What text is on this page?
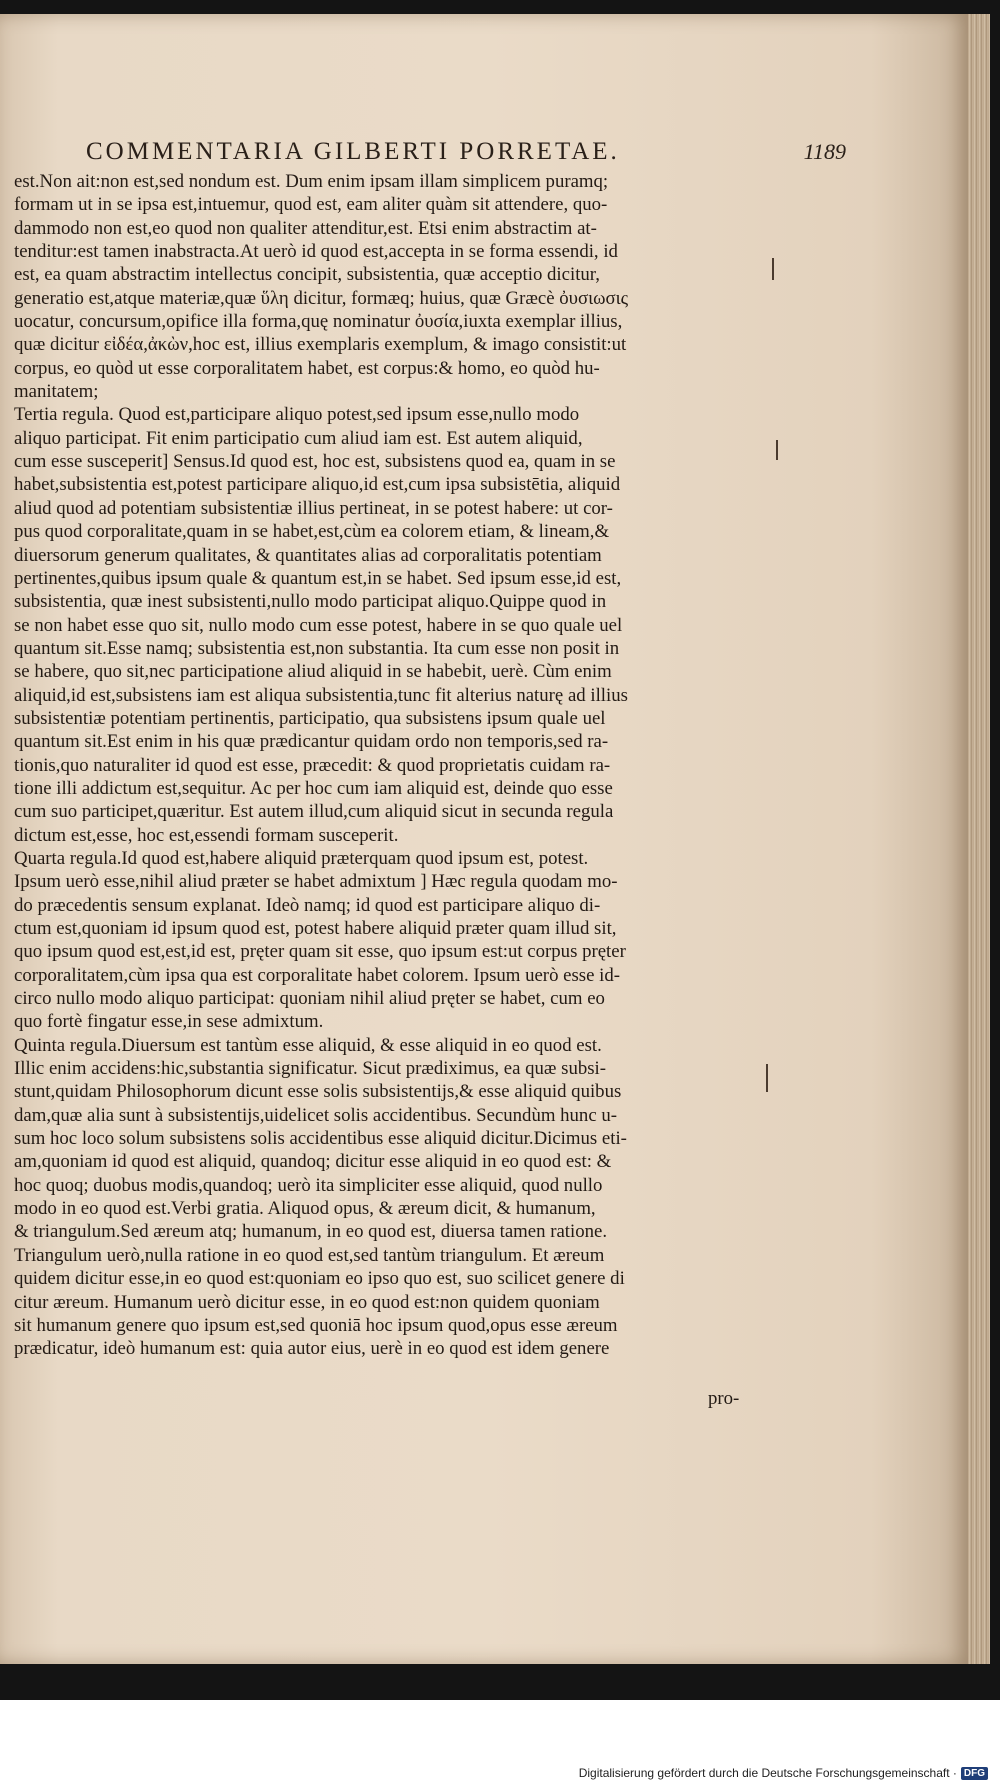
COMMENTARIA GILBERTI PORRETAE.	1189
est.Non ait:non est,sed nondum est. Dum enim ipsam illam simplicem puramq;
formam ut in se ipsa est,intuemur, quod est, eam aliter quàm sit attendere, quo-
dammodo non est,eo quod non qualiter attenditur,est. Etsi enim abstractim at-
tenditur:est tamen inabstracta.At uerò id quod est,accepta in se forma essendi, id
est, ea quam abstractim intellectus concipit, subsistentia, quæ acceptio dicitur,
generatio est,atque materiæ,quæ ὕλη dicitur, formæq; huius, quæ Græcè ὀυσιωσις
uocatur, concursum,opifice illa forma,quę nominatur ὀυσία,iuxta exemplar illius,
quæ dicitur εἰδέα,ἀκὼν,hoc est, illius exemplaris exemplum, & imago consistit:ut
corpus, eo quòd ut esse corporalitatem habet, est corpus:& homo, eo quòd hu-
manitatem;
Tertia regula. Quod est,participare aliquo potest,sed ipsum esse,nullo modo
aliquo participat. Fit enim participatio cum aliud iam est. Est autem aliquid,
cum esse susceperit] Sensus.Id quod est, hoc est, subsistens quod ea, quam in se
habet,subsistentia est,potest participare aliquo,id est,cum ipsa subsistētia, aliquid
aliud quod ad potentiam subsistentiæ illius pertineat, in se potest habere: ut cor-
pus quod corporalitate,quam in se habet,est,cùm ea colorem etiam, & lineam,&
diuersorum generum qualitates, & quantitates alias ad corporalitatis potentiam
pertinentes,quibus ipsum quale & quantum est,in se habet. Sed ipsum esse,id est,
subsistentia, quæ inest subsistenti,nullo modo participat aliquo.Quippe quod in
se non habet esse quo sit, nullo modo cum esse potest, habere in se quo quale uel
quantum sit.Esse namq; subsistentia est,non substantia. Ita cum esse non posit in
se habere, quo sit,nec participatione aliud aliquid in se habebit, uerè. Cùm enim
aliquid,id est,subsistens iam est aliqua subsistentia,tunc fit alterius naturę ad illius
subsistentiæ potentiam pertinentis, participatio, qua subsistens ipsum quale uel
quantum sit.Est enim in his quæ prædicantur quidam ordo non temporis,sed ra-
tionis,quo naturaliter id quod est esse, præcedit: & quod proprietatis cuidam ra-
tione illi addictum est,sequitur. Ac per hoc cum iam aliquid est, deinde quo esse
cum suo participet,quæritur. Est autem illud,cum aliquid sicut in secunda regula
dictum est,esse, hoc est,essendi formam susceperit.
Quarta regula.Id quod est,habere aliquid præterquam quod ipsum est, potest.
Ipsum uerò esse,nihil aliud præter se habet admixtum ] Hæc regula quodam mo-
do præcedentis sensum explanat. Ideò namq; id quod est participare aliquo di-
ctum est,quoniam id ipsum quod est, potest habere aliquid præter quam illud sit,
quo ipsum quod est,est,id est, pręter quam sit esse, quo ipsum est:ut corpus pręter
corporalitatem,cùm ipsa qua est corporalitate habet colorem. Ipsum uerò esse id-
circo nullo modo aliquo participat: quoniam nihil aliud pręter se habet, cum eo
quo fortè fingatur esse,in sese admixtum.
Quinta regula.Diuersum est tantùm esse aliquid, & esse aliquid in eo quod est.
Illic enim accidens:hic,substantia significatur. Sicut prædiximus, ea quæ subsi-
stunt,quidam Philosophorum dicunt esse solis subsistentijs,& esse aliquid quibus
dam,quæ alia sunt à subsistentijs,uidelicet solis accidentibus. Secundùm hunc u-
sum hoc loco solum subsistens solis accidentibus esse aliquid dicitur.Dicimus eti-
am,quoniam id quod est aliquid, quandoq; dicitur esse aliquid in eo quod est: &
hoc quoq; duobus modis,quandoq; uerò ita simpliciter esse aliquid, quod nullo
modo in eo quod est.Verbi gratia. Aliquod opus, & æreum dicit, & humanum,
& triangulum.Sed æreum atq; humanum, in eo quod est, diuersa tamen ratione.
Triangulum uerò,nulla ratione in eo quod est,sed tantùm triangulum. Et æreum
quidem dicitur esse,in eo quod est:quoniam eo ipso quo est, suo scilicet genere di
citur æreum. Humanum uerò dicitur esse, in eo quod est:non quidem quoniam
sit humanum genere quo ipsum est,sed quoniā hoc ipsum quod,opus esse æreum
prædicatur, ideò humanum est: quia autor eius, uerè in eo quod est idem genere
pro-
Digitalisierung gefördert durch die Deutsche Forschungsgemeinschaft · DFG
